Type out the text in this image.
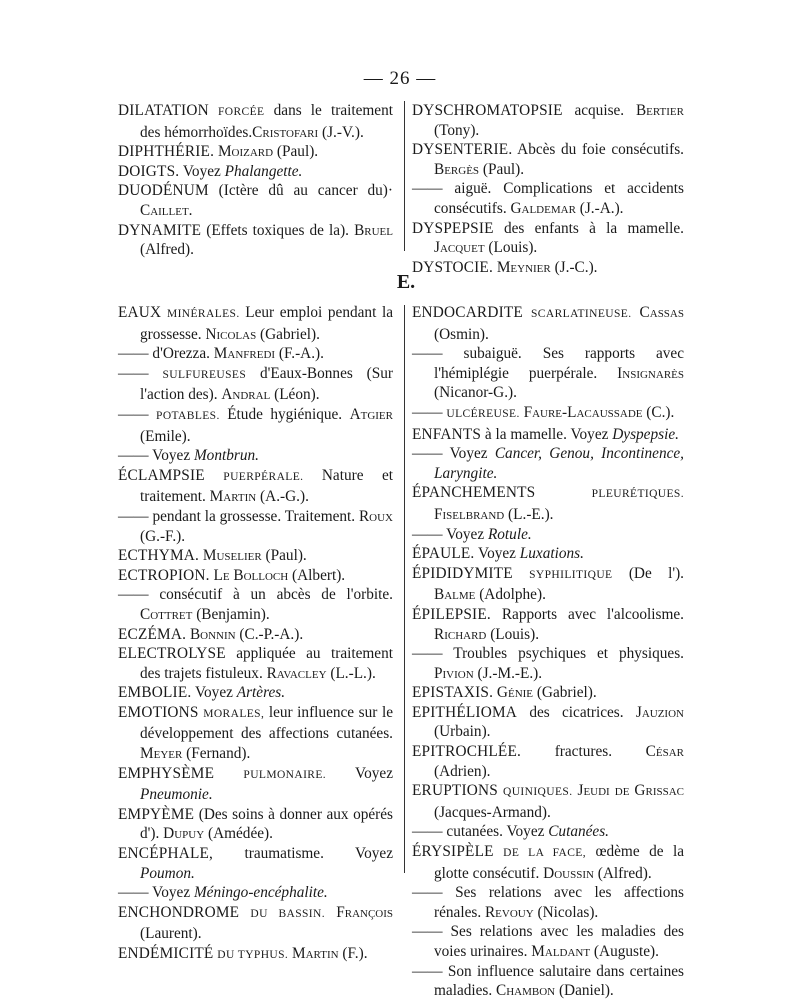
— 26 —

DILATATION FORCÉE dans le traitement des hémorrhoïdes.Cristofari (J.-V.).

DIPHTHÉRIE. Moizard (Paul).

DOIGTS. Voyez Phalangette.

DUODÉNUM (Ictère dû au cancer du)· Caillet.

DYNAMITE (Effets toxiques de la). Bruel (Alfred).

DYSCHROMATOPSIE acquise. Bertier (Tony).

DYSENTERIE. Abcès du foie consécutifs. Bergès (Paul).

—— aiguë. Complications et accidents consécutifs. Galdemar (J.-A.).

DYSPEPSIE des enfants à la mamelle. Jacquet (Louis).

DYSTOCIE. Meynier (J.-C.).

E.

EAUX MINÉRALES. Leur emploi pendant la grossesse. Nicolas (Gabriel).

—— d'Orezza. Manfredi (F.-A.).

—— SULFUREUSES d'Eaux-Bonnes (Sur l'action des). Andral (Léon).

—— POTABLES. Étude hygiénique. Atgier (Emile).

—— Voyez Montbrun.

ÉCLAMPSIE PUERPÉRALE. Nature et traitement. Martin (A.-G.).

—— pendant la grossesse. Traitement. Roux (G.-F.).

ECTHYMA. Muselier (Paul).

ECTROPION. Le Bolloch (Albert).

—— consécutif à un abcès de l'orbite. Cottret (Benjamin).

ECZÉMA. Bonnin (C.-P.-A.).

ELECTROLYSE appliquée au traitement des trajets fistuleux. Ravacley (L.-L.).

EMBOLIE. Voyez Artères.

EMOTIONS MORALES, leur influence sur le développement des affections cutanées. Meyer (Fernand).

EMPHYSÈME	PULMONAIRE. Voyez Pneumonie.

EMPYÈME (Des soins à donner aux opérés d'). Dupuy (Amédée).

ENCÉPHALE, traumatisme. Voyez Poumon.

—— Voyez Méningo-encéphalite.

ENCHONDROME DU BASSIN. François (Laurent).

ENDÉMICITÉ DU TYPHUS. Martin (F.).

ENDOCARDITE SCARLATINEUSE. Cassas (Osmin).

—— subaiguë. Ses rapports avec l'hémiplégie puerpérale. Insignarès (Nicanor-G.).

—— ULCÉREUSE. Faure-Lacaussade (C.).

ENFANTS à la mamelle. Voyez Dyspepsie.

—— Voyez Cancer, Genou, Incontinence, Laryngite.

ÉPANCHEMENTS	PLEURÉTIQUES. Fiselbrand (L.-E.).

—— Voyez Rotule.

ÉPAULE. Voyez Luxations.

ÉPIDIDYMITE SYPHILITIQUE (De l'). Balme (Adolphe).

ÉPILEPSIE. Rapports avec l'alcoolisme. Richard (Louis).

—— Troubles psychiques et physiques. Pivion (J.-M.-E.).

EPISTAXIS. Génie (Gabriel).

EPITHÉLIOMA des cicatrices. Jauzion (Urbain).

EPITROCHLÉE. fractures. César (Adrien).

ERUPTIONS QUINIQUES. Jeudi de Grissac (Jacques-Armand).

—— cutanées. Voyez Cutanées.

ÉRYSIPÈLE DE LA FACE, œdème de la glotte consécutif. Doussin (Alfred).

—— Ses relations avec les affections rénales. Revouy (Nicolas).

—— Ses relations avec les maladies des voies urinaires. Maldant (Auguste).

—— Son influence salutaire dans certaines maladies. Chambon (Daniel).
